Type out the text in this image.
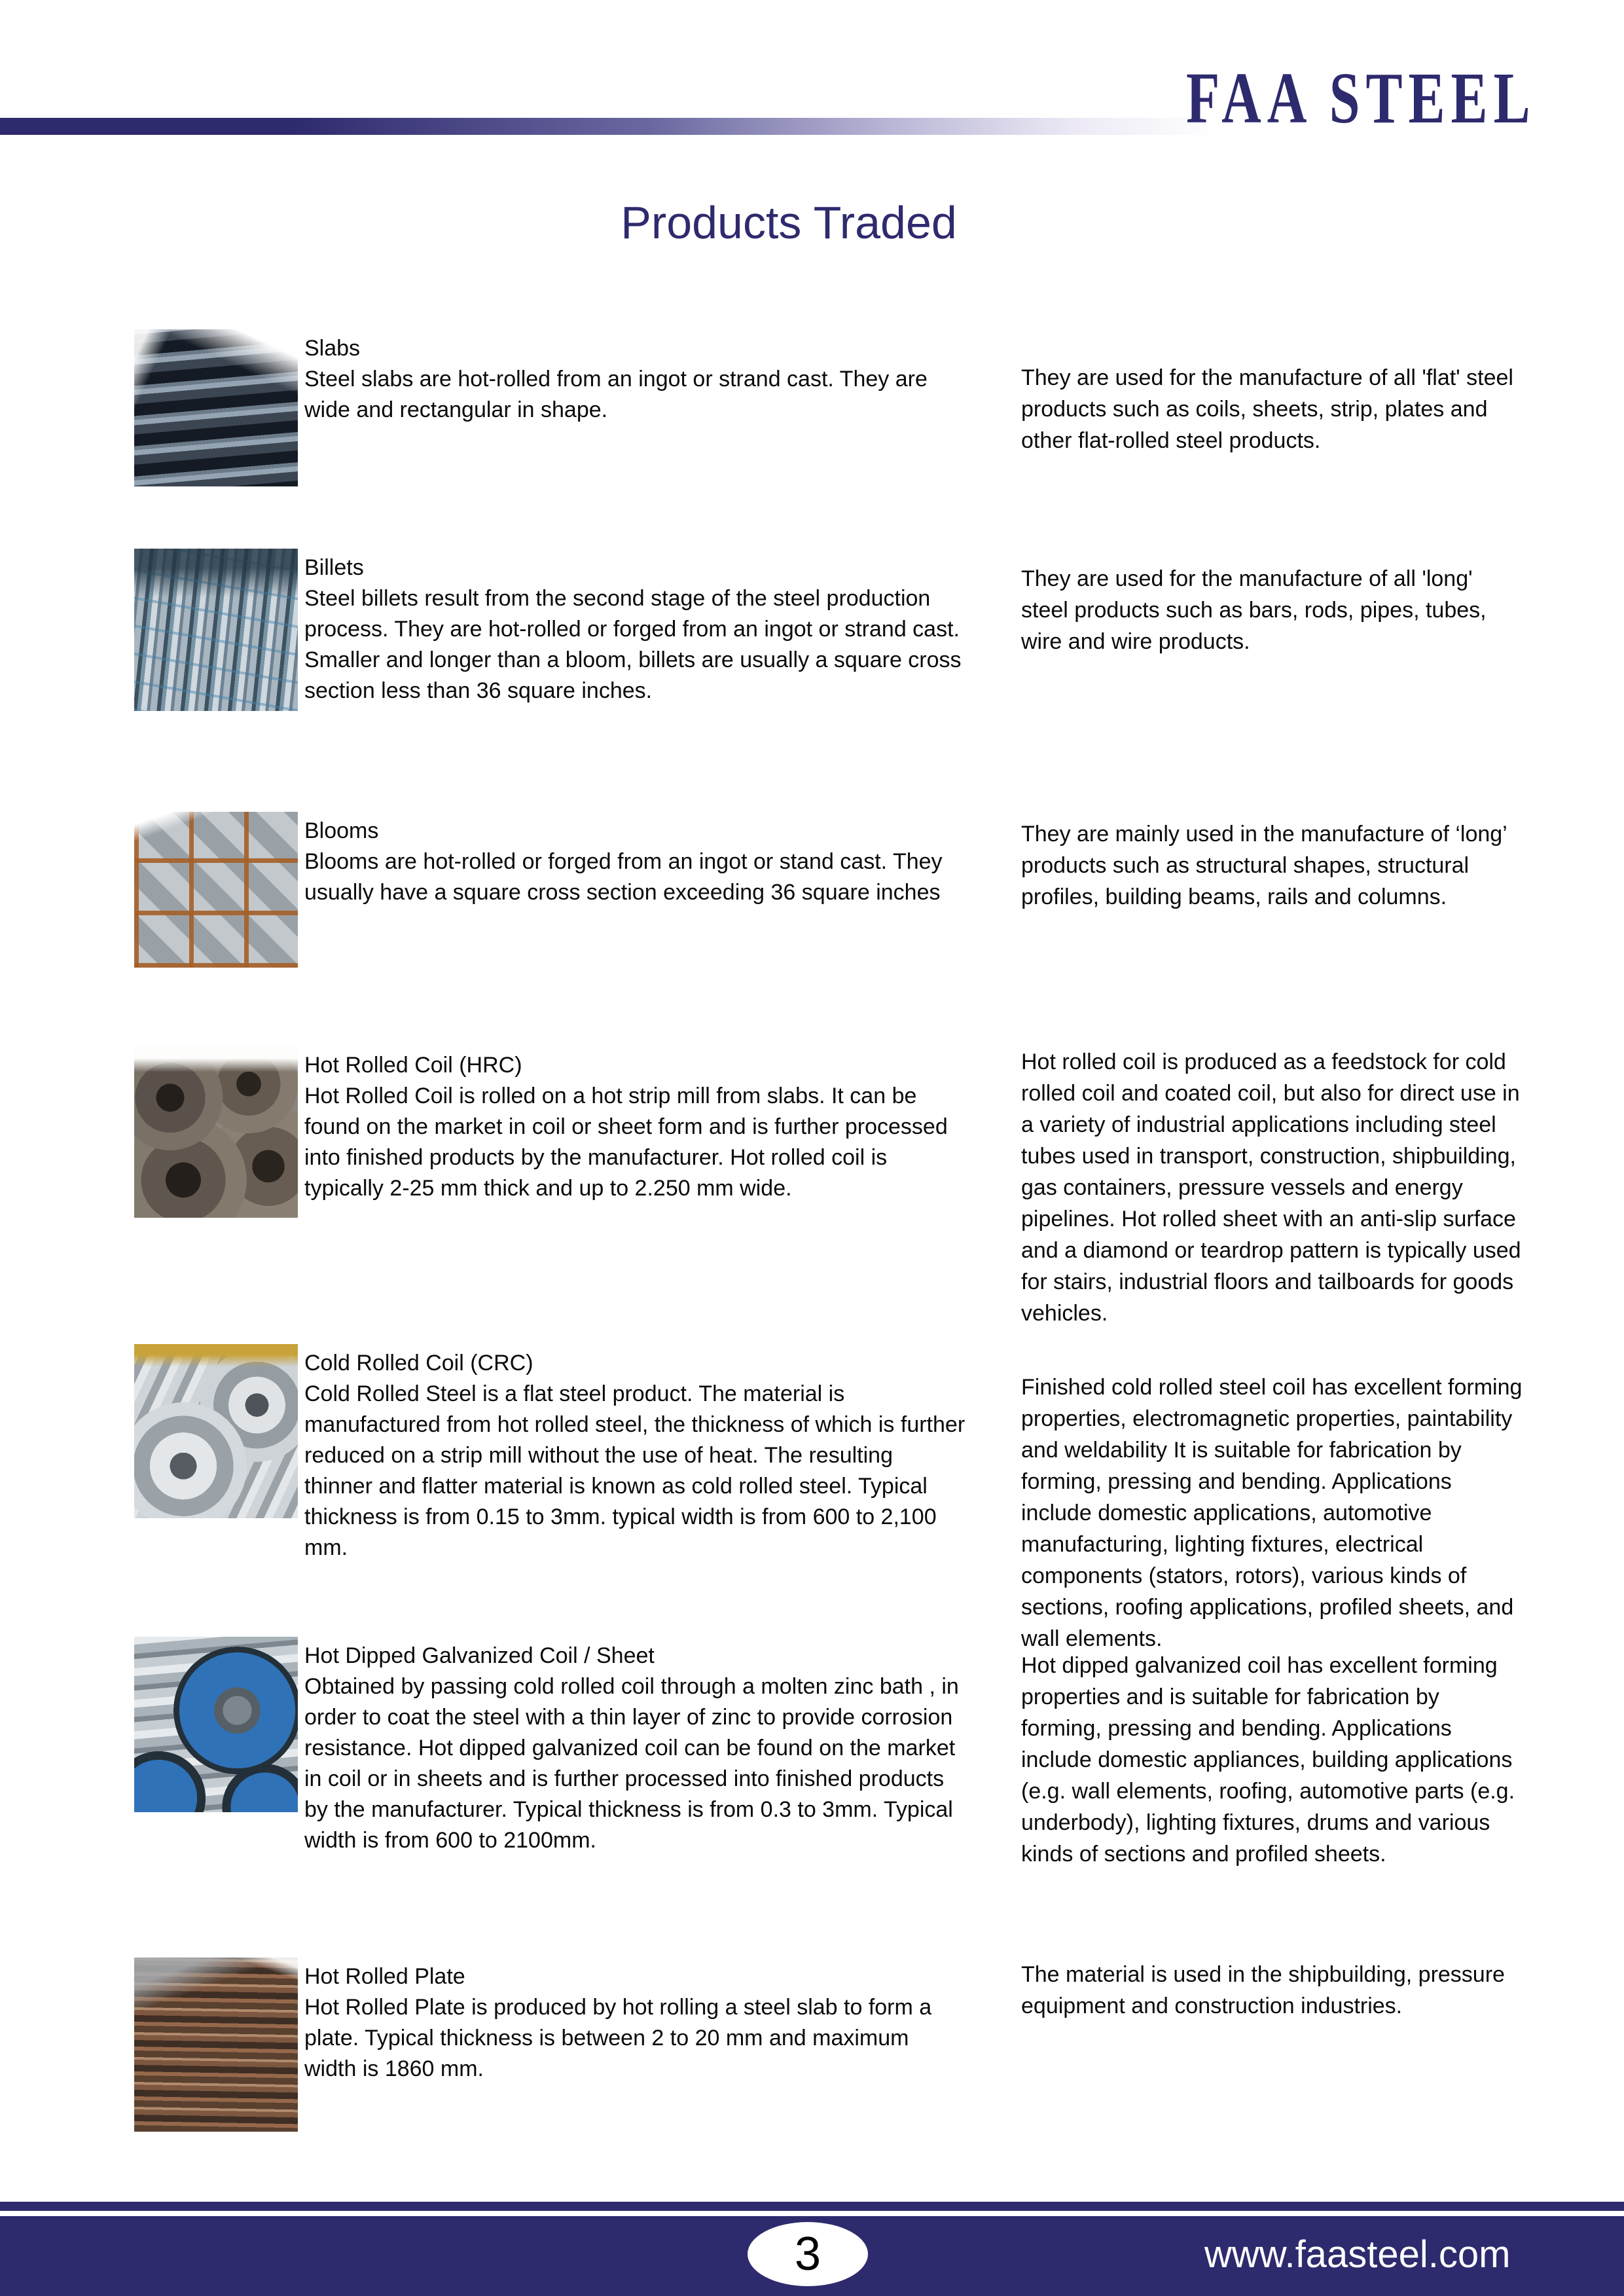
FAA STEEL
Products Traded
Slabs
Steel slabs are hot-rolled from an ingot or strand cast. They are wide and rectangular in shape.
They are used for the manufacture of all 'flat' steel products such as coils, sheets, strip, plates and other flat-rolled steel products.
Billets
Steel billets result from the second stage of the steel production process. They are hot-rolled or forged from an ingot or strand cast. Smaller and longer than a bloom, billets are usually a square cross section less than 36 square inches.
They are used for the manufacture of all 'long' steel products such as bars, rods, pipes, tubes, wire and wire products.
Blooms
Blooms are hot-rolled or forged from an ingot or stand cast. They usually have a square cross section exceeding 36 square inches
They are mainly used in the manufacture of ‘long’ products such as structural shapes, structural profiles, building beams, rails and columns.
Hot Rolled Coil (HRC)
Hot Rolled Coil is rolled on a hot strip mill from slabs. It can be found on the market in coil or sheet form and is further processed into finished products by the manufacturer. Hot rolled coil is typically 2-25 mm thick and up to 2.250 mm wide.
Hot rolled coil is produced as a feedstock for cold rolled coil and coated coil, but also for direct use in a variety of industrial applications including steel tubes used in transport, construction, shipbuilding, gas containers, pressure vessels and energy pipelines. Hot rolled sheet with an anti-slip surface and a diamond or teardrop pattern is typically used for stairs, industrial floors and tailboards for goods vehicles.
Cold Rolled Coil (CRC)
Cold Rolled Steel is a flat steel product. The material is manufactured from hot rolled steel, the thickness of which is further reduced on a strip mill without the use of heat. The resulting thinner and flatter material is known as cold rolled steel. Typical thickness is from 0.15 to 3mm. typical width is from 600 to 2,100 mm.
Finished cold rolled steel coil has excellent forming properties, electromagnetic properties, paintability and weldability It is suitable for fabrication by forming, pressing and bending. Applications include domestic applications, automotive manufacturing, lighting fixtures, electrical components (stators, rotors), various kinds of sections, roofing applications, profiled sheets, and wall elements.
Hot Dipped Galvanized Coil / Sheet
Obtained by passing cold rolled coil through a molten zinc bath , in order to coat the steel with a thin layer of zinc to provide corrosion resistance. Hot dipped galvanized coil can be found on the market in coil or in sheets and is further processed into finished products by the manufacturer. Typical thickness is from 0.3 to 3mm. Typical width is from 600 to 2100mm.
Hot dipped galvanized coil has excellent forming properties and is suitable for fabrication by forming, pressing and bending. Applications include domestic appliances, building applications (e.g. wall elements, roofing, automotive parts (e.g. underbody), lighting fixtures, drums and various kinds of sections and profiled sheets.
Hot Rolled Plate
Hot Rolled Plate is produced by hot rolling a steel slab to form a plate. Typical thickness is between 2 to 20 mm and maximum width is 1860 mm.
The material is used in the shipbuilding, pressure equipment and construction industries.
3	www.faasteel.com
